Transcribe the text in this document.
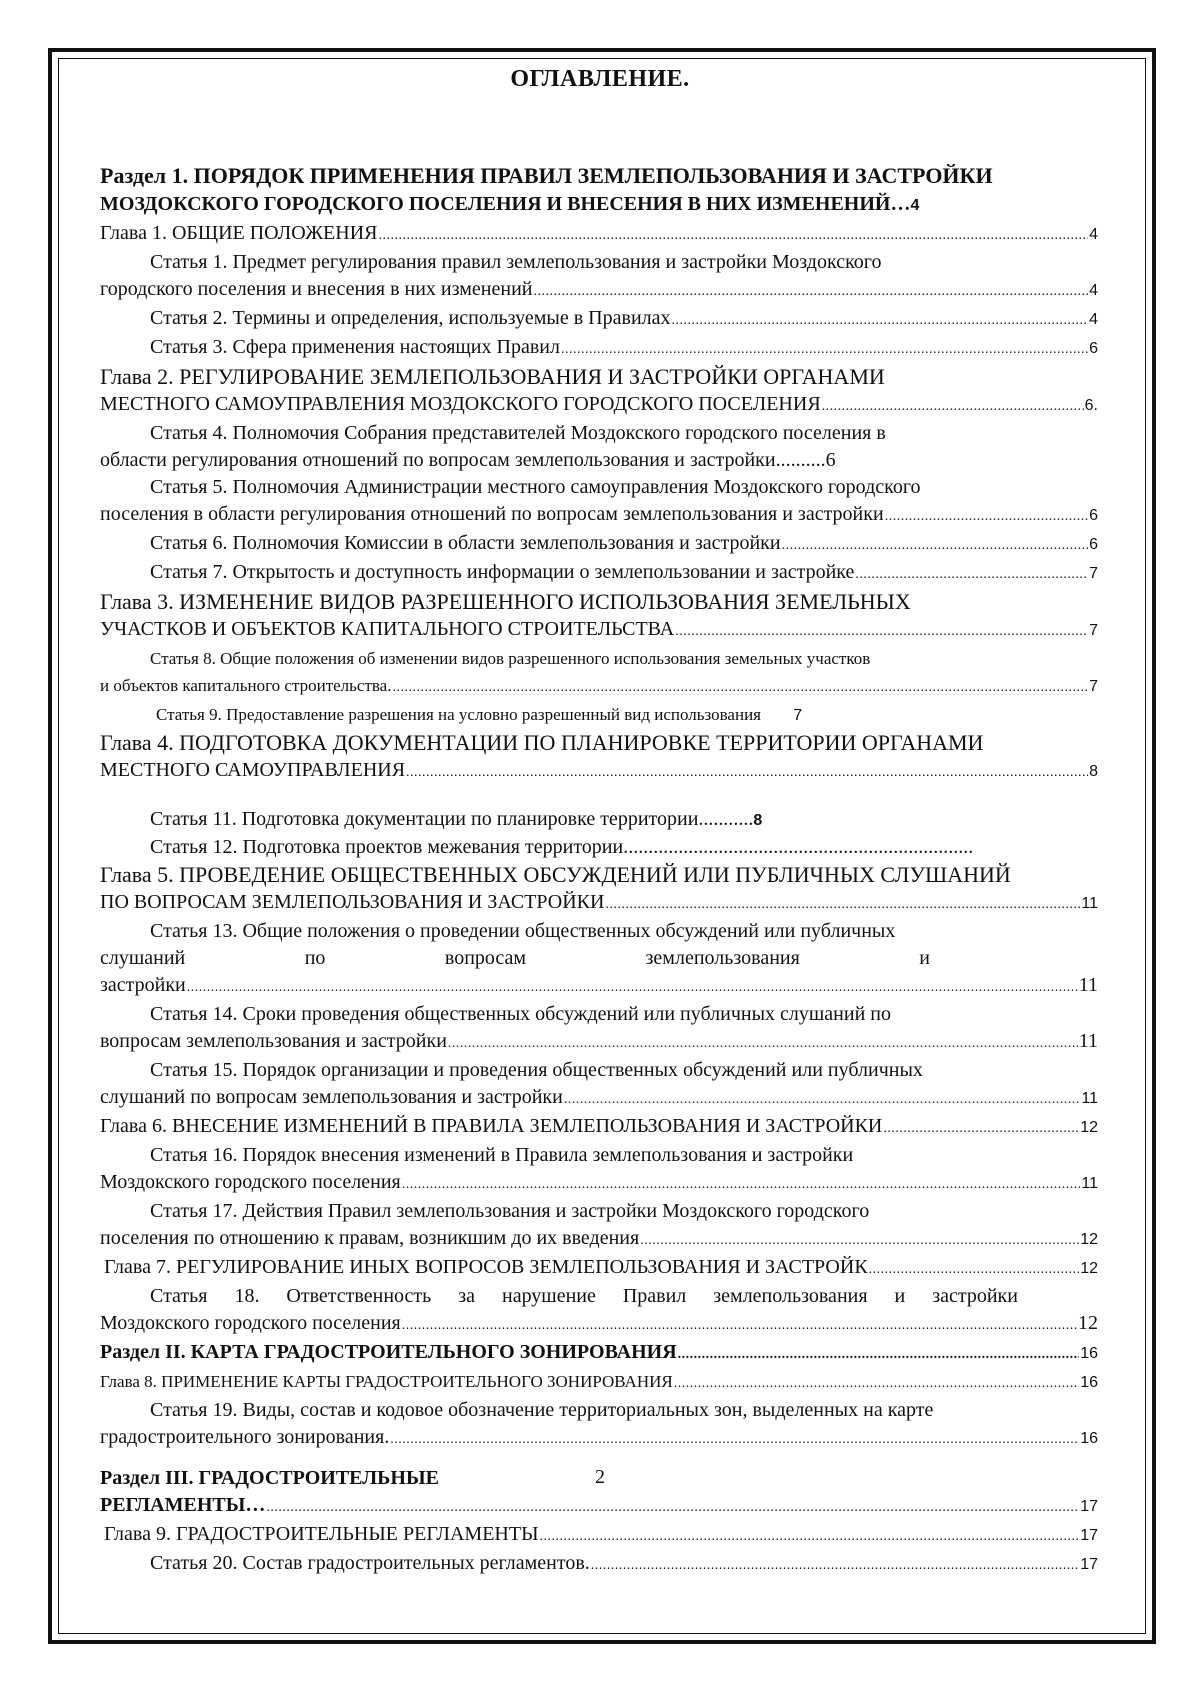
ОГЛАВЛЕНИЕ.
Раздел 1. ПОРЯДОК ПРИМЕНЕНИЯ ПРАВИЛ ЗЕМЛЕПОЛЬЗОВАНИЯ И ЗАСТРОЙКИ
МОЗДОКСКОГО ГОРОДСКОГО ПОСЕЛЕНИЯ И ВНЕСЕНИЯ В НИХ ИЗМЕНЕНИЙ… 4
Глава 1. ОБЩИЕ ПОЛОЖЕНИЯ .....	4
Статья 1. Предмет регулирования правил землепользования и застройки Моздокского
городского поселения и внесения в них изменений .....	4
Статья 2. Термины и определения, используемые в Правилах .....	4
Статья 3. Сфера применения настоящих Правил .....	6
Глава 2. РЕГУЛИРОВАНИЕ ЗЕМЛЕПОЛЬЗОВАНИЯ И ЗАСТРОЙКИ ОРГАНАМИ
МЕСТНОГО САМОУПРАВЛЕНИЯ МОЗДОКСКОГО ГОРОДСКОГО ПОСЕЛЕНИЯ .....	6.
Статья 4. Полномочия Собрания представителей Моздокского городского поселения в
области регулирования отношений по вопросам землепользования и застройки..........6
Статья 5. Полномочия Администрации местного самоуправления Моздокского городского
поселения в области регулирования отношений по вопросам землепользования и застройки .....	6
Статья 6. Полномочия Комиссии в области землепользования и застройки .....	6
Статья 7. Открытость и доступность информации о землепользовании и застройке .....	7
Глава 3. ИЗМЕНЕНИЕ ВИДОВ РАЗРЕШЕННОГО ИСПОЛЬЗОВАНИЯ ЗЕМЕЛЬНЫХ
УЧАСТКОВ И ОБЪЕКТОВ КАПИТАЛЬНОГО СТРОИТЕЛЬСТВА .....	7
Статья 8. Общие положения об изменении видов разрешенного использования земельных участков
и объектов капитального строительства. .....	7
Статья 9. Предоставление разрешения на условно разрешенный вид использования 7
Глава 4. ПОДГОТОВКА ДОКУМЕНТАЦИИ ПО ПЛАНИРОВКЕ ТЕРРИТОРИИ ОРГАНАМИ
МЕСТНОГО САМОУПРАВЛЕНИЯ .....	8
Статья 11. Подготовка документации по планировке территории...........8
Статья 12. Подготовка проектов межевания территории......................................................................
Глава 5. ПРОВЕДЕНИЕ ОБЩЕСТВЕННЫХ ОБСУЖДЕНИЙ ИЛИ ПУБЛИЧНЫХ СЛУШАНИЙ
ПО ВОПРОСАМ ЗЕМЛЕПОЛЬЗОВАНИЯ И ЗАСТРОЙКИ .....	11
Статья 13. Общие положения о проведении общественных обсуждений или публичных
слушаний	по	вопросам	землепользования	и
застройки .....	11
Статья 14. Сроки проведения общественных обсуждений или публичных слушаний по
вопросам землепользования и застройки .....	11
Статья 15. Порядок организации и проведения общественных обсуждений или публичных
слушаний по вопросам землепользования и застройки .....	11
Глава 6. ВНЕСЕНИЕ ИЗМЕНЕНИЙ В ПРАВИЛА ЗЕМЛЕПОЛЬЗОВАНИЯ И ЗАСТРОЙКИ .....	12
Статья 16. Порядок внесения изменений в Правила землепользования и застройки
Моздокского городского поселения .....	11
Статья 17. Действия Правил землепользования и застройки Моздокского городского
поселения по отношению к правам, возникшим до их введения .....	12
Глава 7. РЕГУЛИРОВАНИЕ ИНЫХ ВОПРОСОВ ЗЕМЛЕПОЛЬЗОВАНИЯ И ЗАСТРОЙК .....	12
Статья 18. Ответственность за нарушение Правил землепользования и застройки
Моздокского городского поселения .....	12
Раздел II. КАРТА ГРАДОСТРОИТЕЛЬНОГО ЗОНИРОВАНИЯ .....	16
Глава 8. ПРИМЕНЕНИЕ КАРТЫ ГРАДОСТРОИТЕЛЬНОГО ЗОНИРОВАНИЯ .....	16
Статья 19. Виды, состав и кодовое обозначение территориальных зон, выделенных на карте
градостроительного зонирования. .....	16
Раздел III. ГРАДОСТРОИТЕЛЬНЫЕ
РЕГЛАМЕНТЫ… .....	17
Глава 9. ГРАДОСТРОИТЕЛЬНЫЕ РЕГЛАМЕНТЫ .....	17
Статья 20. Состав градостроительных регламентов. .....	17
2
